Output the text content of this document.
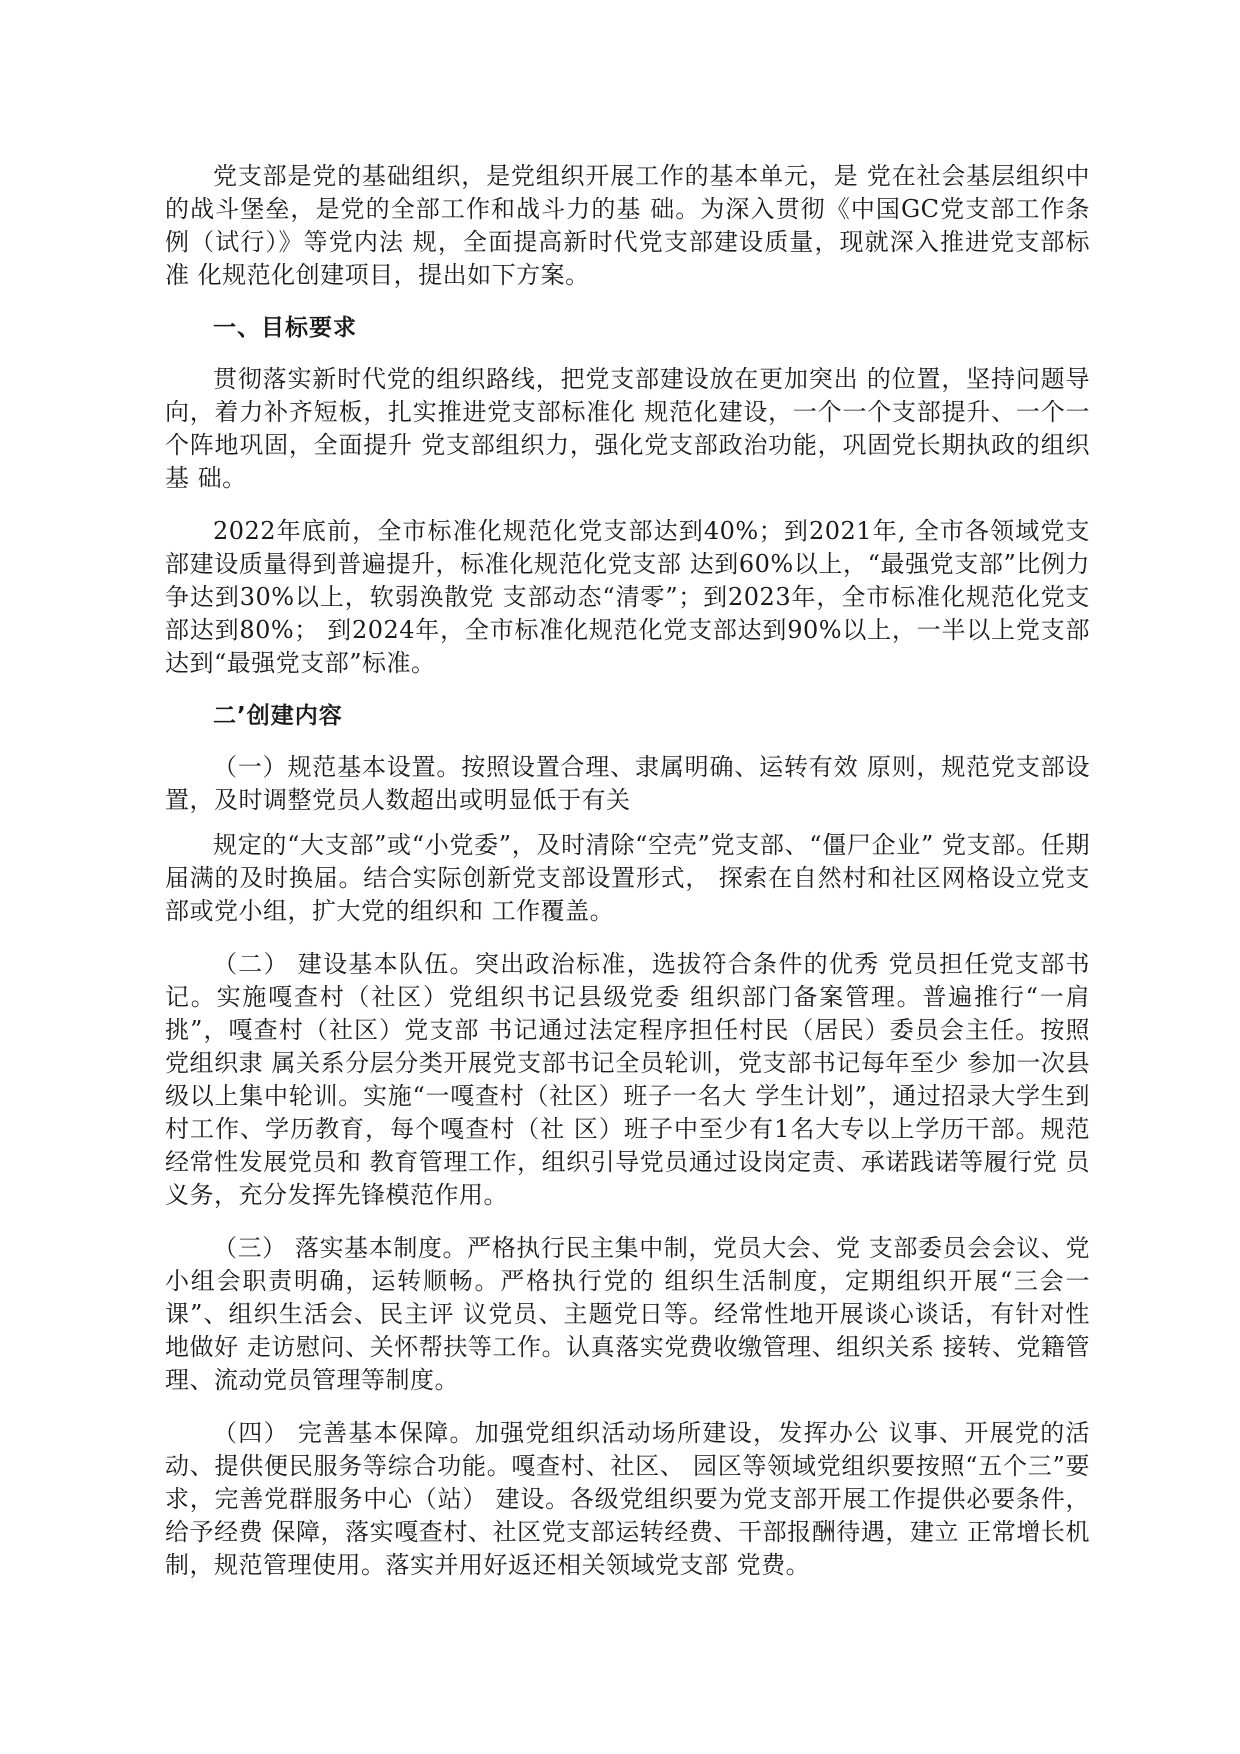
党支部是党的基础组织，是党组织开展工作的基本单元，是 党在社会基层组织中的战斗堡垒，是党的全部工作和战斗力的基 础。为深入贯彻《中国GC党支部工作条例（试行）》等党内法 规，全面提高新时代党支部建设质量，现就深入推进党支部标准 化规范化创建项目，提出如下方案。

一、目标要求

贯彻落实新时代党的组织路线，把党支部建设放在更加突出 的位置，坚持问题导向，着力补齐短板，扎实推进党支部标准化 规范化建设，一个一个支部提升、一个一个阵地巩固，全面提升 党支部组织力，强化党支部政治功能，巩固党长期执政的组织基 础。

2022年底前，全市标准化规范化党支部达到40%；到2021年, 全市各领域党支部建设质量得到普遍提升，标准化规范化党支部 达到60%以上，“最强党支部”比例力争达到30%以上，软弱涣散党 支部动态“清零”；到2023年，全市标准化规范化党支部达到80%； 到2024年，全市标准化规范化党支部达到90%以上，一半以上党支部达到“最强党支部”标准。

二’创建内容

（一）规范基本设置。按照设置合理、隶属明确、运转有效 原则，规范党支部设置，及时调整党员人数超出或明显低于有关

规定的“大支部”或“小党委”，及时清除“空壳”党支部、“僵尸企业” 党支部。任期届满的及时换届。结合实际创新党支部设置形式， 探索在自然村和社区网格设立党支部或党小组，扩大党的组织和 工作覆盖。

（二） 建设基本队伍。突出政治标准，选拔符合条件的优秀 党员担任党支部书记。实施嘎查村（社区）党组织书记县级党委 组织部门备案管理。普遍推行“一肩挑”，嘎查村（社区）党支部 书记通过法定程序担任村民（居民）委员会主任。按照党组织隶 属关系分层分类开展党支部书记全员轮训，党支部书记每年至少 参加一次县级以上集中轮训。实施“一嘎查村（社区）班子一名大 学生计划”，通过招录大学生到村工作、学历教育，每个嘎查村（社 区）班子中至少有1名大专以上学历干部。规范经常性发展党员和 教育管理工作，组织引导党员通过设岗定责、承诺践诺等履行党 员义务，充分发挥先锋模范作用。

（三） 落实基本制度。严格执行民主集中制，党员大会、党 支部委员会会议、党小组会职责明确，运转顺畅。严格执行党的 组织生活制度，定期组织开展“三会一课”、组织生活会、民主评 议党员、主题党日等。经常性地开展谈心谈话，有针对性地做好 走访慰问、关怀帮扶等工作。认真落实党费收缴管理、组织关系 接转、党籍管理、流动党员管理等制度。

（四） 完善基本保障。加强党组织活动场所建设，发挥办公 议事、开展党的活动、提供便民服务等综合功能。嘎查村、社区、 园区等领域党组织要按照“五个三”要求，完善党群服务中心（站） 建设。各级党组织要为党支部开展工作提供必要条件，给予经费 保障，落实嘎查村、社区党支部运转经费、干部报酬待遇，建立 正常增长机制，规范管理使用。落实并用好返还相关领域党支部 党费。
